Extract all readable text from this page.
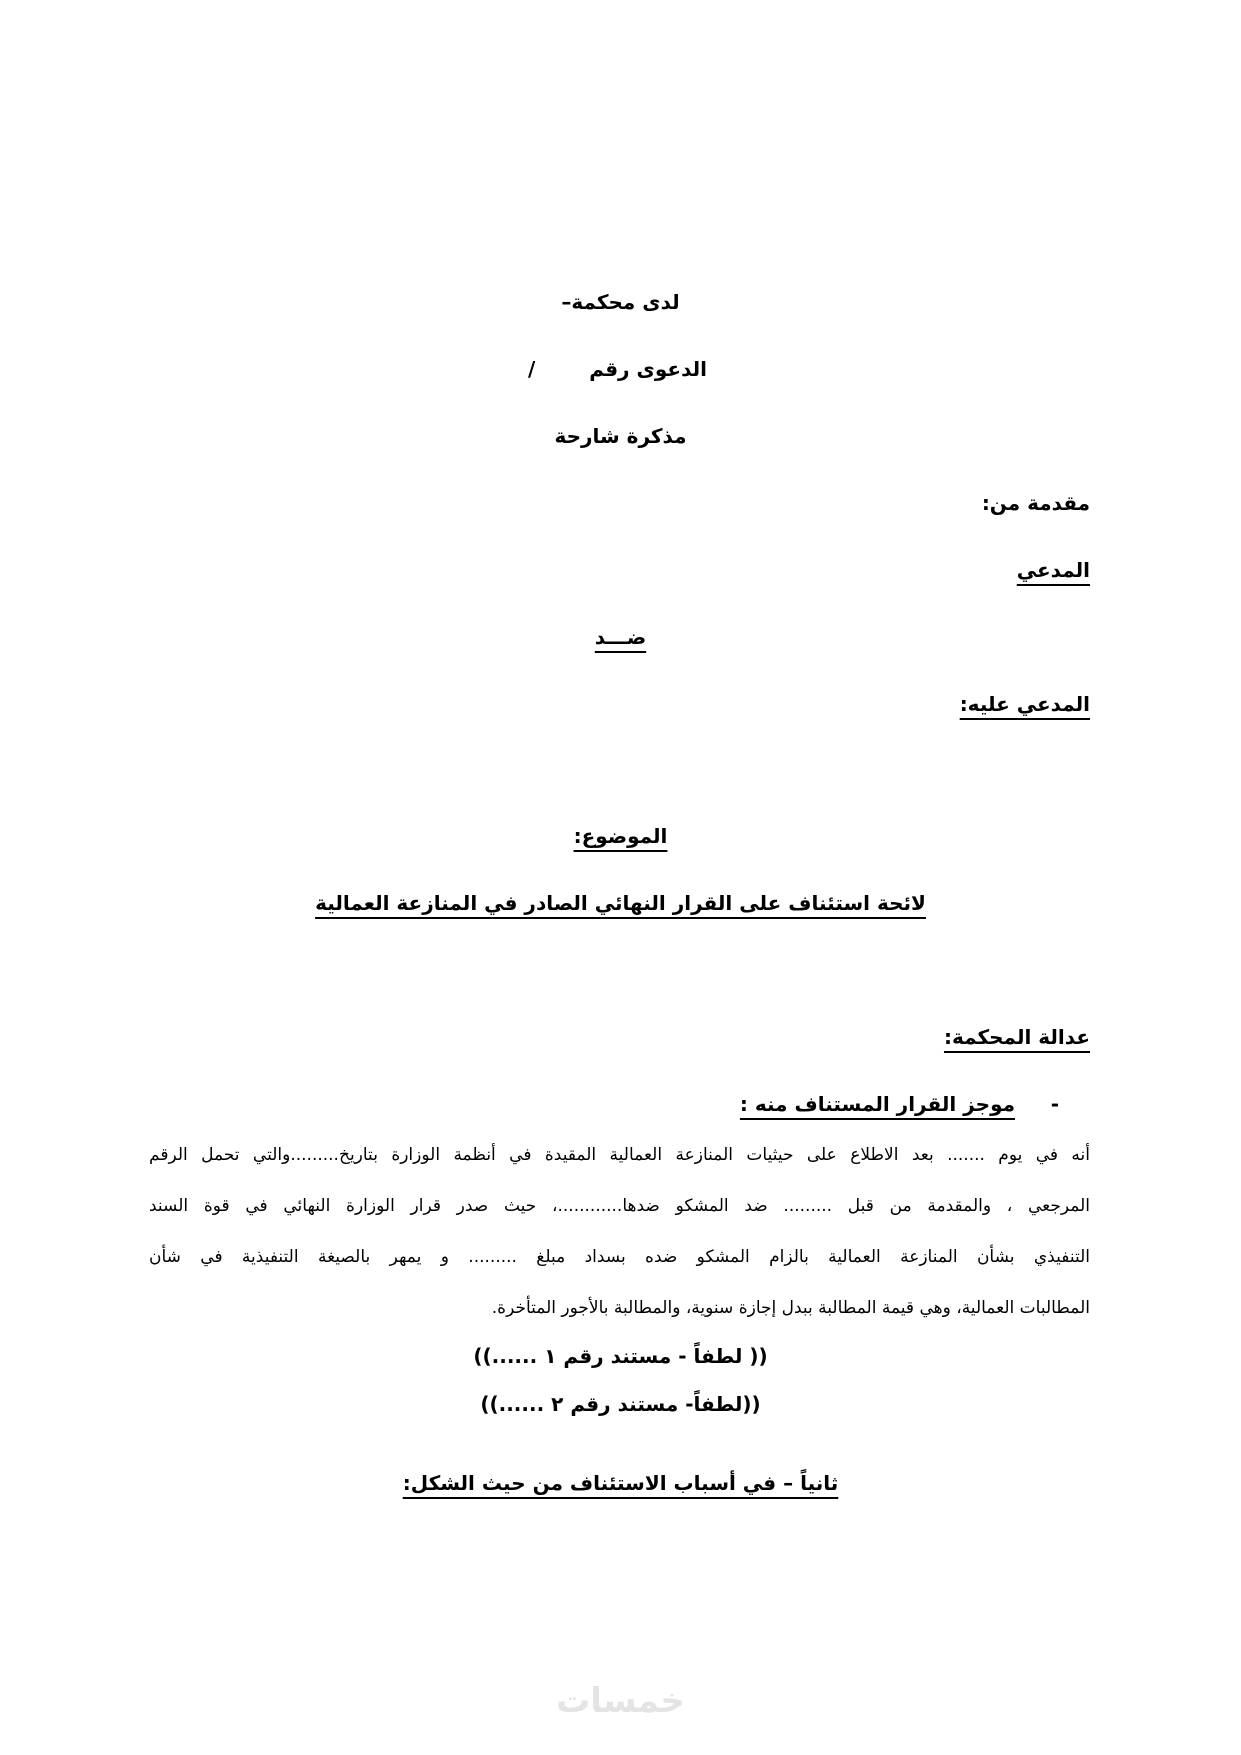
لدى محكمة–
الدعوى رقم
/
مذكرة شارحة
مقدمة من:
المدعي
ضـــد
المدعي عليه:
الموضوع:
لائحة استئناف على القرار النهائي الصادر في المنازعة العمالية
عدالة المحكمة:
-
موجز القرار المستناف منه :
أنه في يوم ....... بعد الاطلاع على حيثيات المنازعة العمالية المقيدة في أنظمة الوزارة بتاريخ.........والتي تحمل الرقم
المرجعي ، والمقدمة من قبل ......... ضد المشكو ضدها............، حيث صدر قرار الوزارة النهائي في قوة السند
التنفيذي بشأن المنازعة العمالية بالزام المشكو ضده بسداد مبلغ ......... و يمهر بالصيغة التنفيذية في شأن
المطالبات العمالية، وهي قيمة المطالبة ببدل إجازة سنوية، والمطالبة بالأجور المتأخرة.
(( لطفاً - مستند رقم ١ ......))
((لطفاً- مستند رقم ٢ ......))
ثانياً – في أسباب الاستئناف من حيث الشكل:
خمسات
